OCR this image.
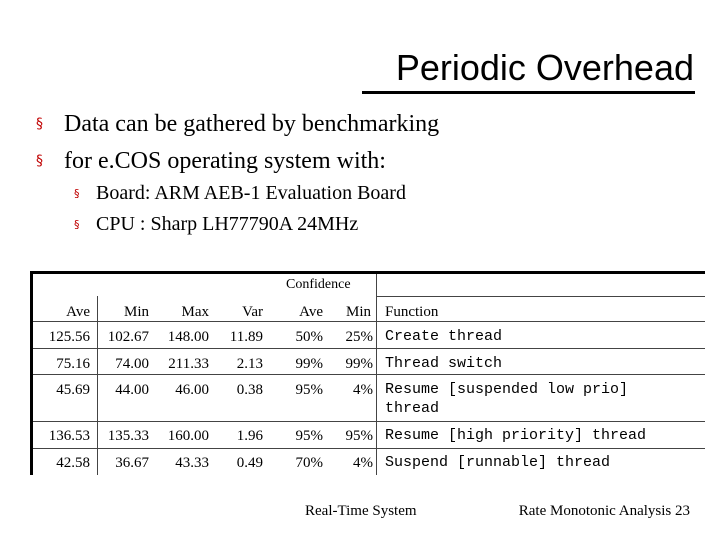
Periodic Overhead
§ Data can be gathered by benchmarking
§ for e.COS operating system with:
§ Board: ARM AEB-1 Evaluation Board
§ CPU : Sharp LH77790A 24MHz
Confidence
Ave	Min	Max	Var	Ave	Min Function
125.56	102.67	148.00	11.89	50%	25% Create thread
75.16	74.00	211.33	2.13	99%	99% Thread switch
45.69	44.00	46.00	0.38	95%	4% Resume [suspended low prio]
thread
136.53	135.33	160.00	1.96	95%	95% Resume [high priority] thread
42.58	36.67	43.33	0.49	70%	4% Suspend [runnable] thread
Real-Time System	Rate Monotonic Analysis 23
